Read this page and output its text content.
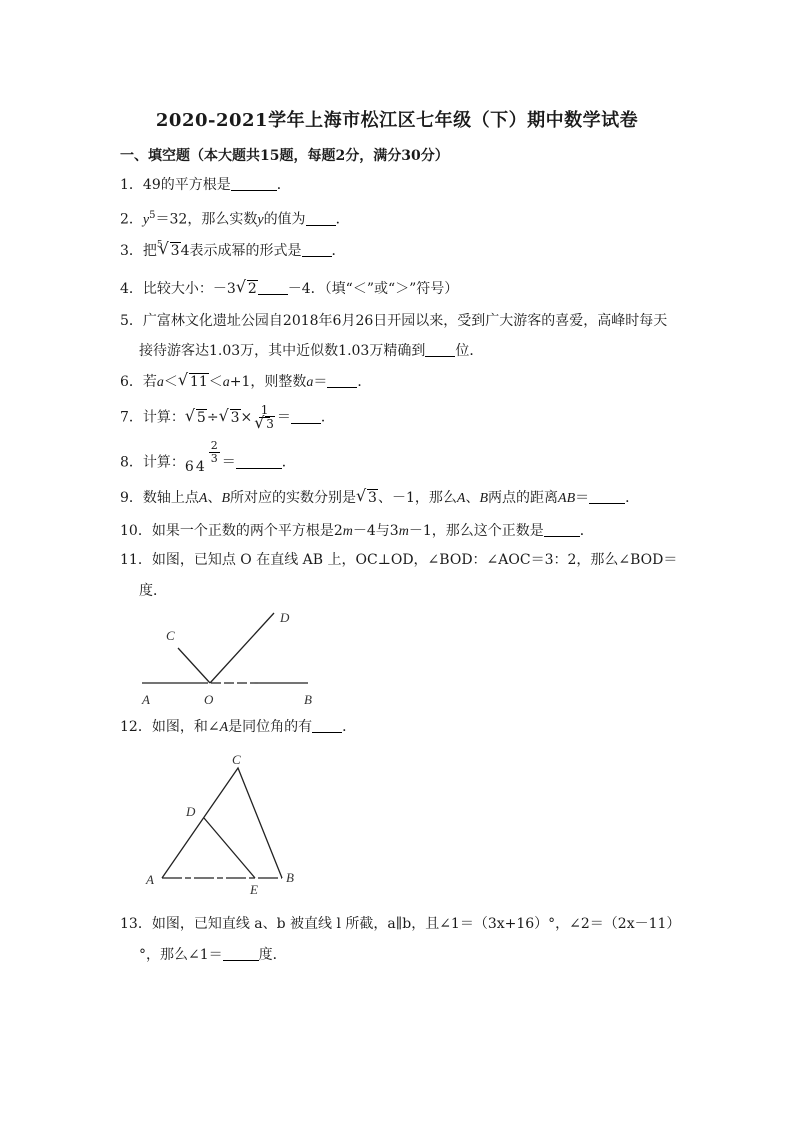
2020-2021学年上海市松江区七年级（下）期中数学试卷
一、填空题（本大题共15题，每题2分，满分30分）
1．49的平方根是	．
2．$y^5=32$，那么实数y的值为 ．
3．把$^5$ √ 34表示成幂的形式是 ．
4．比较大小：－3 √ 2 －4．（填“＜”或“＞”符号）
5．广富林文化遗址公园自2018年6月26日开园以来，受到广大游客的喜爱，高峰时每天
接待游客达1.03万，其中近似数1.03万精确到 位．
6．若a＜ √ 11＜a+1，则整数a＝ ．
7．计算： √ 5÷ √ 3× 1
√ 3 ＝ ．
8．计算：64
$\frac{2}{3}$ ＝	．
9．数轴上点A、B所对应的实数分别是 √ 3、－1，那么A、B两点的距离AB＝	．
10．如果一个正数的两个平方根是2m－4与3m－1，那么这个正数是	．
11．如图，已知点 O 在直线 AB 上，OC⊥OD，∠BOD：∠AOC＝3：2，那么∠BOD＝
度．
C
D
A	O	B
12．如图，和∠A是同位角的有 ．
C
D
A
E
B
13．如图，已知直线 a、b 被直线 l 所截，a∥b，且∠1＝（3x+16）°，∠2＝（2x－11）
°，那么∠1＝	度．
